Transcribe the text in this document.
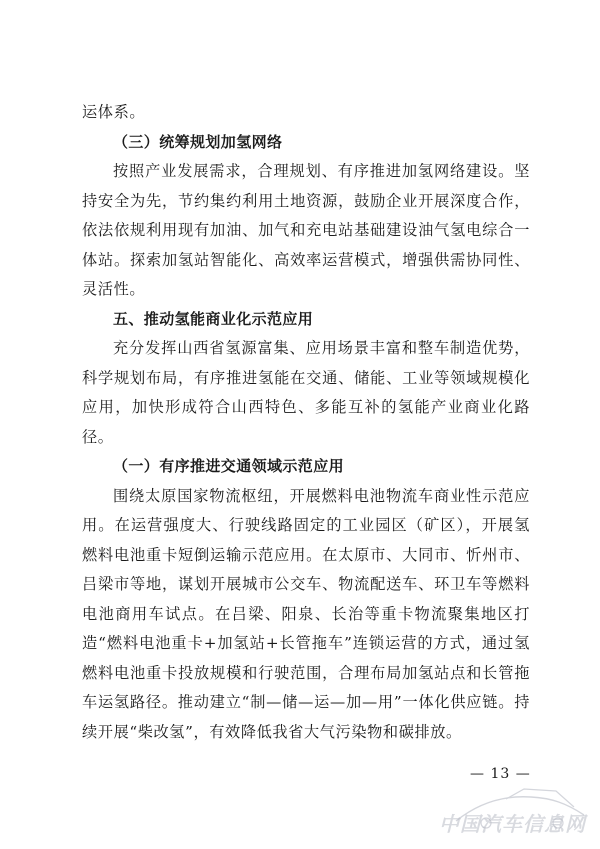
运体系。

（三）统筹规划加氢网络

按照产业发展需求，合理规划、有序推进加氢网络建设。坚持安全为先，节约集约利用土地资源，鼓励企业开展深度合作，依法依规利用现有加油、加气和充电站基础建设油气氢电综合一体站。探索加氢站智能化、高效率运营模式，增强供需协同性、灵活性。

五、推动氢能商业化示范应用

充分发挥山西省氢源富集、应用场景丰富和整车制造优势，科学规划布局，有序推进氢能在交通、储能、工业等领域规模化应用，加快形成符合山西特色、多能互补的氢能产业商业化路径。

（一）有序推进交通领域示范应用

围绕太原国家物流枢纽，开展燃料电池物流车商业性示范应用。在运营强度大、行驶线路固定的工业园区（矿区），开展氢燃料电池重卡短倒运输示范应用。在太原市、大同市、忻州市、吕梁市等地，谋划开展城市公交车、物流配送车、环卫车等燃料电池商用车试点。在吕梁、阳泉、长治等重卡物流聚集地区打造“燃料电池重卡+加氢站+长管拖车”连锁运营的方式，通过氢燃料电池重卡投放规模和行驶范围，合理布局加氢站点和长管拖车运氢路径。推动建立“制—储—运—加—用”一体化供应链。持续开展“柴改氢”，有效降低我省大气污染物和碳排放。

— 13 —
中国汽车信息网
